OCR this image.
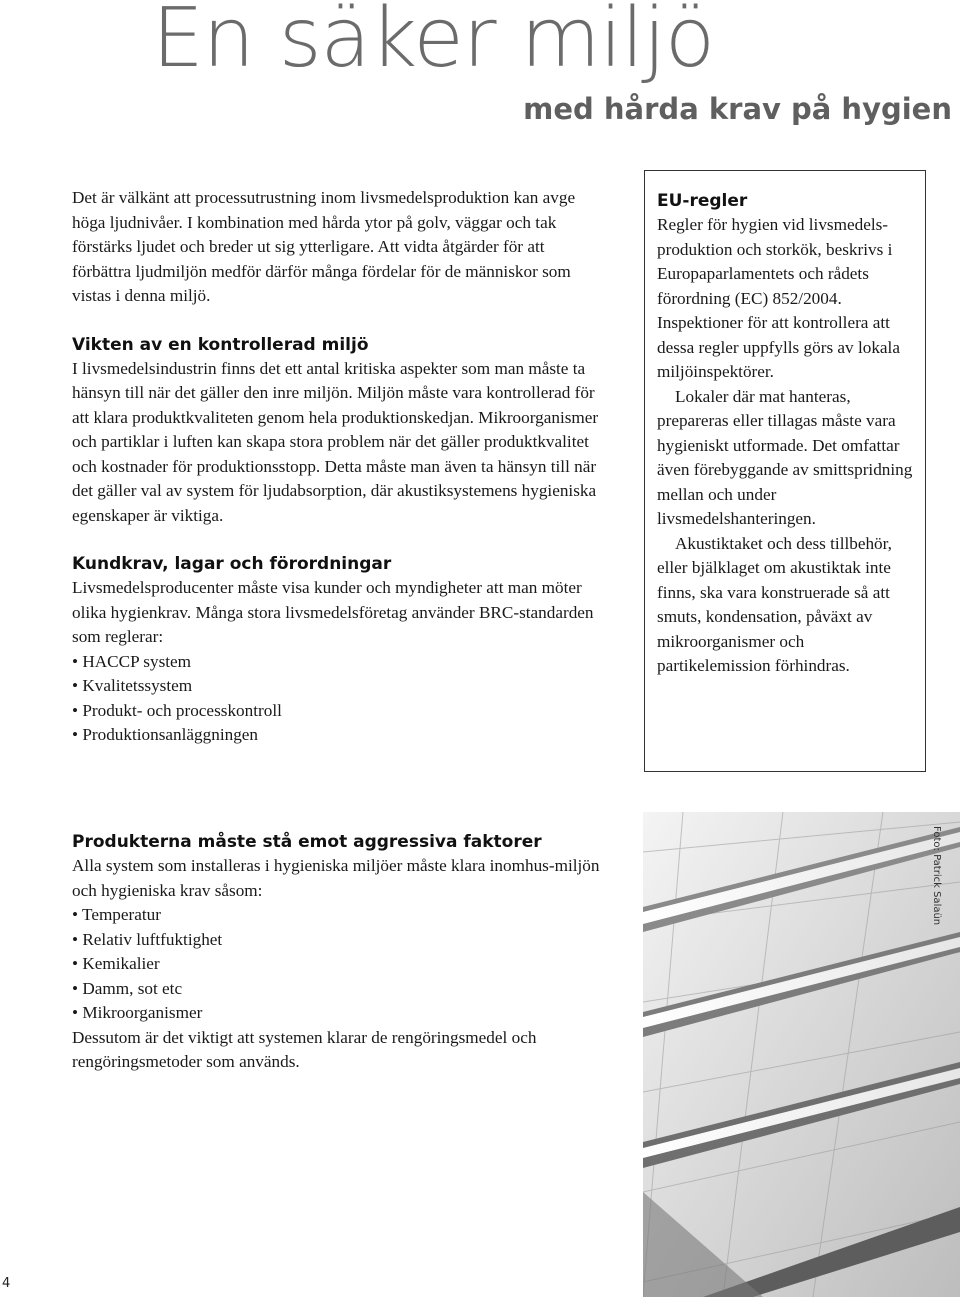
En säker miljö
med hårda krav på hygien

Det är välkänt att processutrustning inom livsmedelsproduktion kan avge höga ljudnivåer. I kombination med hårda ytor på golv, väggar och tak förstärks ljudet och breder ut sig ytterligare. Att vidta åtgärder för att förbättra ljudmiljön medför därför många fördelar för de människor som vistas i denna miljö.

Vikten av en kontrollerad miljö

I livsmedelsindustrin finns det ett antal kritiska aspekter som man måste ta hänsyn till när det gäller den inre miljön. Miljön måste vara kontrollerad för att klara produktkvaliteten genom hela produktionskedjan. Mikroorganismer och partiklar i luften kan skapa stora problem när det gäller produktkvalitet och kostnader för produktionsstopp. Detta måste man även ta hänsyn till när det gäller val av system för ljudabsorption, där akustiksystemens hygieniska egenskaper är viktiga.

Kundkrav, lagar och förordningar

Livsmedelsproducenter måste visa kunder och myndigheter att man möter olika hygienkrav. Många stora livsmedelsföretag använder BRC-standarden som reglerar:

• HACCP system
• Kvalitetssystem
• Produkt- och processkontroll
• Produktionsanläggningen
EU-regler

Regler för hygien vid livsmedels-produktion och storkök, beskrivs i Europaparlamentets och rådets förordning (EC) 852/2004. Inspektioner för att kontrollera att dessa regler uppfylls görs av lokala miljöinspektörer.

Lokaler där mat hanteras, prepareras eller tillagas måste vara hygieniskt utformade. Det omfattar även förebyggande av smittspridning mellan och under livsmedelshanteringen.

Akustiktaket och dess tillbehör, eller bjälklaget om akustiktak inte finns, ska vara konstruerade så att smuts, kondensation, påväxt av mikroorganismer och partikelemission förhindras.

Produkterna måste stå emot aggressiva faktorer

Alla system som installeras i hygieniska miljöer måste klara inomhus-miljön och hygieniska krav såsom:

• Temperatur
• Relativ luftfuktighet
• Kemikalier
• Damm, sot etc
• Mikroorganismer

Dessutom är det viktigt att systemen klarar de rengöringsmedel och rengöringsmetoder som används.

Foto: Patrick Salaün
4
